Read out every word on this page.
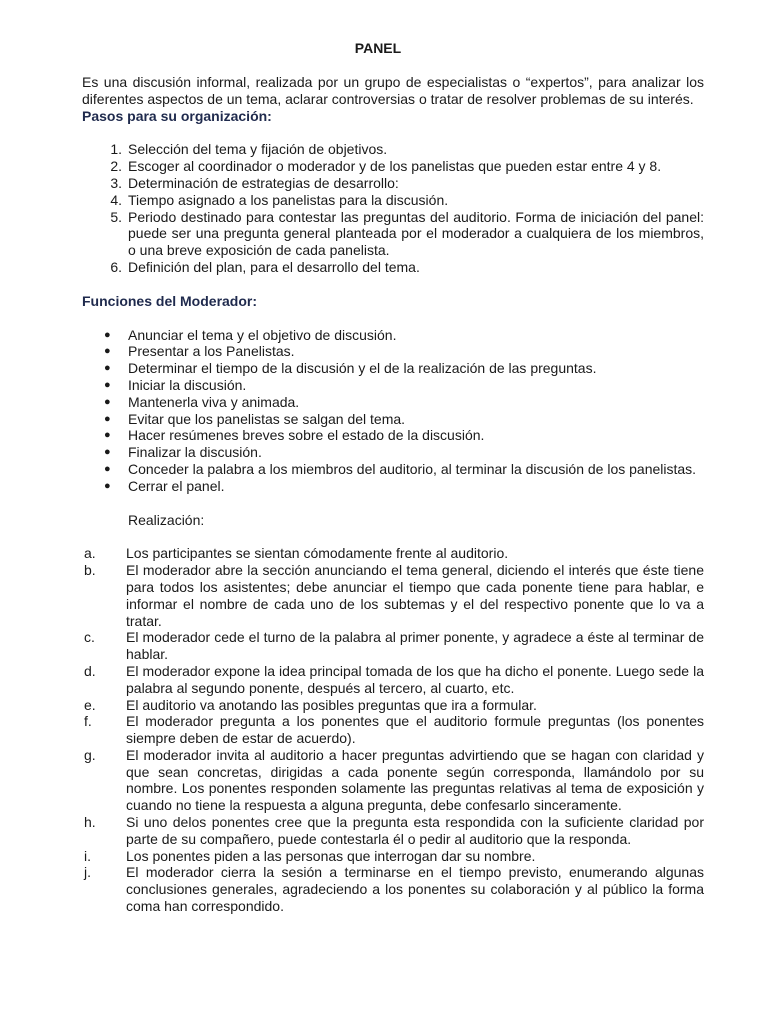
PANEL

Es una discusión informal, realizada por un grupo de especialistas o “expertos”, para analizar los diferentes aspectos de un tema, aclarar controversias o tratar de resolver problemas de su interés.

Pasos para su organización:

1. Selección del tema y fijación de objetivos.
2. Escoger al coordinador o moderador y de los panelistas que pueden estar entre 4 y 8.
3. Determinación de estrategias de desarrollo:
4. Tiempo asignado a los panelistas para la discusión.
5. Periodo destinado para contestar las preguntas del auditorio. Forma de iniciación del panel: puede ser una pregunta general planteada por el moderador a cualquiera de los miembros, o una breve exposición de cada panelista.
6. Definición del plan, para el desarrollo del tema.

Funciones del Moderador:

● Anunciar el tema y el objetivo de discusión.
● Presentar a los Panelistas.
● Determinar el tiempo de la discusión y el de la realización de las preguntas.
● Iniciar la discusión.
● Mantenerla viva y animada.
● Evitar que los panelistas se salgan del tema.
● Hacer resúmenes breves sobre el estado de la discusión.
● Finalizar la discusión.
● Conceder la palabra a los miembros del auditorio, al terminar la discusión de los panelistas.
● Cerrar el panel.

Realización:

a.	Los participantes se sientan cómodamente frente al auditorio.
b.	El moderador abre la sección anunciando el tema general, diciendo el interés que éste tiene para todos los asistentes; debe anunciar el tiempo que cada ponente tiene para hablar, e informar el nombre de cada uno de los subtemas y el del respectivo ponente que lo va a tratar.
c.	El moderador cede el turno de la palabra al primer ponente, y agradece a éste al terminar de hablar.
d.	El moderador expone la idea principal tomada de los que ha dicho el ponente. Luego sede la palabra al segundo ponente, después al tercero, al cuarto, etc.
e.	El auditorio va anotando las posibles preguntas que ira a formular.
f.	El moderador pregunta a los ponentes que el auditorio formule preguntas (los ponentes siempre deben de estar de acuerdo).
g.	El moderador invita al auditorio a hacer preguntas advirtiendo que se hagan con claridad y que sean concretas, dirigidas a cada ponente según corresponda, llamándolo por su nombre. Los ponentes responden solamente las preguntas relativas al tema de exposición y cuando no tiene la respuesta a alguna pregunta, debe confesarlo sinceramente.
h.	Si uno delos ponentes cree que la pregunta esta respondida con la suficiente claridad por parte de su compañero, puede contestarla él o pedir al auditorio que la responda.
i.	Los ponentes piden a las personas que interrogan dar su nombre.
j.	El moderador cierra la sesión a terminarse en el tiempo previsto, enumerando algunas conclusiones generales, agradeciendo a los ponentes su colaboración y al público la forma coma han correspondido.
